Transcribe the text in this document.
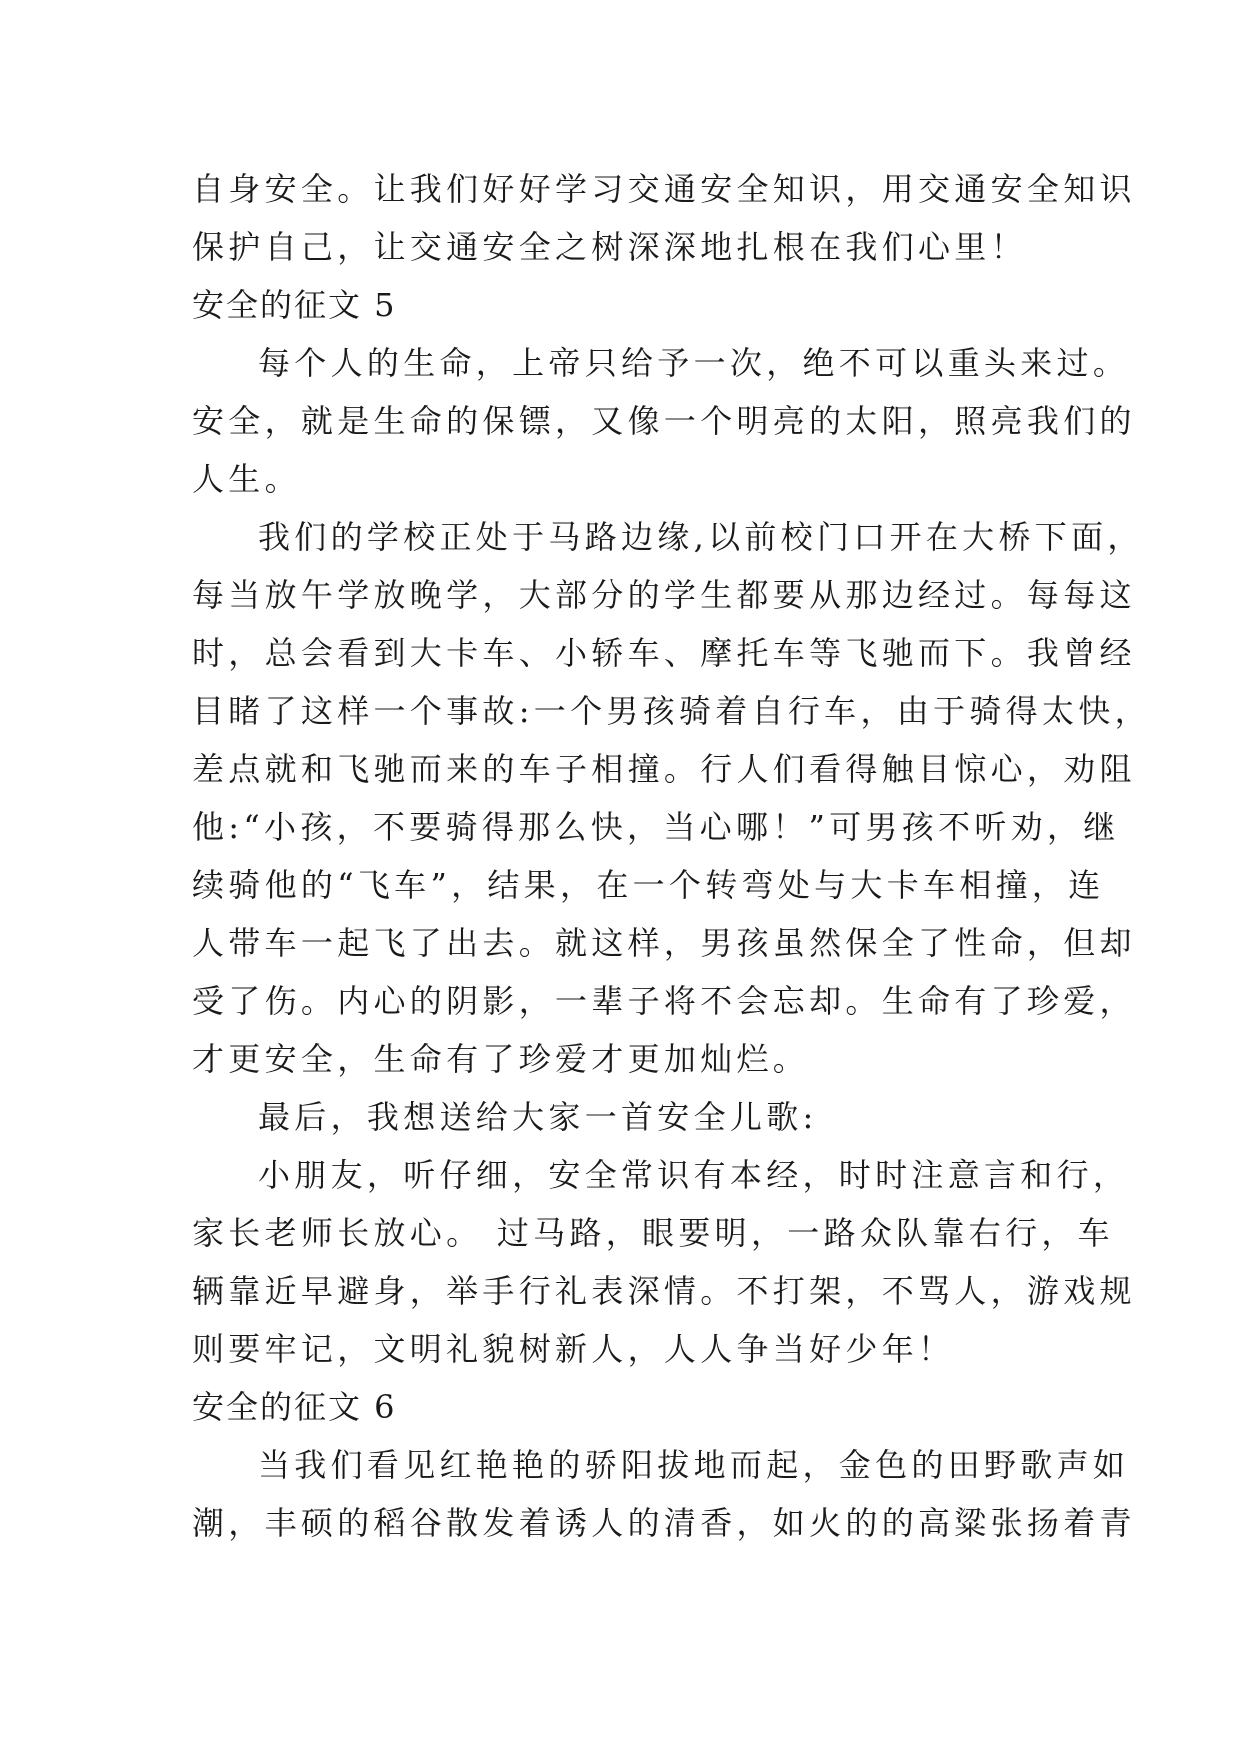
自身安全。让我们好好学习交通安全知识，用交通安全知识
保护自己，让交通安全之树深深地扎根在我们心里！
安全的征文 5
每个人的生命，上帝只给予一次，绝不可以重头来过。
安全，就是生命的保镖，又像一个明亮的太阳，照亮我们的
人生。
我们的学校正处于马路边缘,以前校门口开在大桥下面，
每当放午学放晚学，大部分的学生都要从那边经过。每每这
时，总会看到大卡车、小轿车、摩托车等飞驰而下。我曾经
目睹了这样一个事故:一个男孩骑着自行车，由于骑得太快，
差点就和飞驰而来的车子相撞。行人们看得触目惊心，劝阻
他:“小孩，不要骑得那么快，当心哪！”可男孩不听劝，继
续骑他的“飞车”，结果，在一个转弯处与大卡车相撞，连
人带车一起飞了出去。就这样，男孩虽然保全了性命，但却
受了伤。内心的阴影，一辈子将不会忘却。生命有了珍爱，
才更安全，生命有了珍爱才更加灿烂。
最后，我想送给大家一首安全儿歌:
小朋友，听仔细，安全常识有本经，时时注意言和行，
家长老师长放心。 过马路，眼要明，一路众队靠右行，车
辆靠近早避身，举手行礼表深情。不打架，不骂人，游戏规
则要牢记，文明礼貌树新人，人人争当好少年！
安全的征文 6
当我们看见红艳艳的骄阳拔地而起，金色的田野歌声如
潮，丰硕的稻谷散发着诱人的清香，如火的的高粱张扬着青
